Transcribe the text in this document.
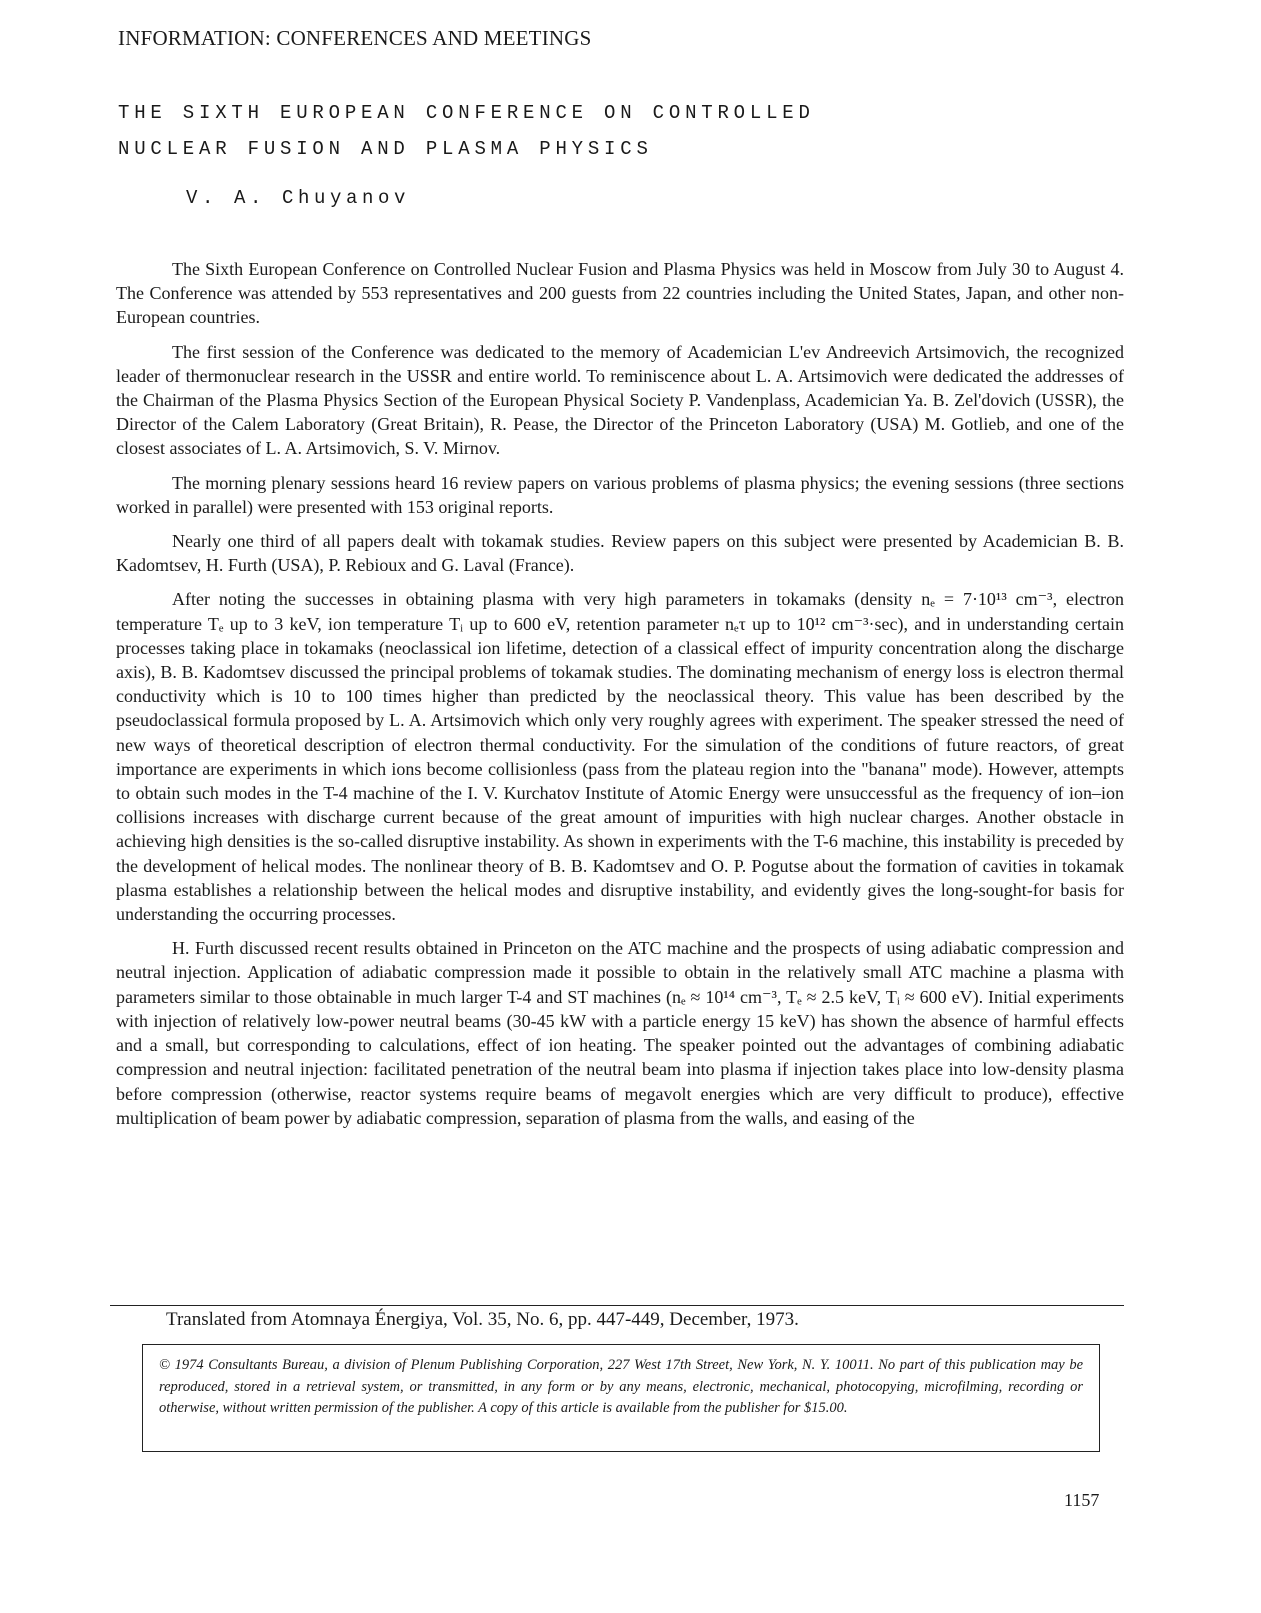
INFORMATION: CONFERENCES AND MEETINGS
THE SIXTH EUROPEAN CONFERENCE ON CONTROLLED
NUCLEAR FUSION AND PLASMA PHYSICS
V. A. Chuyanov

The Sixth European Conference on Controlled Nuclear Fusion and Plasma Physics was held in Moscow from July 30 to August 4. The Conference was attended by 553 representatives and 200 guests from 22 countries including the United States, Japan, and other non-European countries.

The first session of the Conference was dedicated to the memory of Academician L'ev Andreevich Artsimovich, the recognized leader of thermonuclear research in the USSR and entire world. To reminiscence about L. A. Artsimovich were dedicated the addresses of the Chairman of the Plasma Physics Section of the European Physical Society P. Vandenplass, Academician Ya. B. Zel'dovich (USSR), the Director of the Calem Laboratory (Great Britain), R. Pease, the Director of the Princeton Laboratory (USA) M. Gotlieb, and one of the closest associates of L. A. Artsimovich, S. V. Mirnov.

The morning plenary sessions heard 16 review papers on various problems of plasma physics; the evening sessions (three sections worked in parallel) were presented with 153 original reports.

Nearly one third of all papers dealt with tokamak studies. Review papers on this subject were presented by Academician B. B. Kadomtsev, H. Furth (USA), P. Rebioux and G. Laval (France).

After noting the successes in obtaining plasma with very high parameters in tokamaks (density nₑ = 7·10¹³ cm⁻³, electron temperature Tₑ up to 3 keV, ion temperature Tᵢ up to 600 eV, retention parameter nₑτ up to 10¹² cm⁻³·sec), and in understanding certain processes taking place in tokamaks (neoclassical ion lifetime, detection of a classical effect of impurity concentration along the discharge axis), B. B. Kadomtsev discussed the principal problems of tokamak studies. The dominating mechanism of energy loss is electron thermal conductivity which is 10 to 100 times higher than predicted by the neoclassical theory. This value has been described by the pseudoclassical formula proposed by L. A. Artsimovich which only very roughly agrees with experiment. The speaker stressed the need of new ways of theoretical description of electron thermal conductivity. For the simulation of the conditions of future reactors, of great importance are experiments in which ions become collisionless (pass from the plateau region into the "banana" mode). However, attempts to obtain such modes in the T-4 machine of the I. V. Kurchatov Institute of Atomic Energy were unsuccessful as the frequency of ion–ion collisions increases with discharge current because of the great amount of impurities with high nuclear charges. Another obstacle in achieving high densities is the so-called disruptive instability. As shown in experiments with the T-6 machine, this instability is preceded by the development of helical modes. The nonlinear theory of B. B. Kadomtsev and O. P. Pogutse about the formation of cavities in tokamak plasma establishes a relationship between the helical modes and disruptive instability, and evidently gives the long-sought-for basis for understanding the occurring processes.

H. Furth discussed recent results obtained in Princeton on the ATC machine and the prospects of using adiabatic compression and neutral injection. Application of adiabatic compression made it possible to obtain in the relatively small ATC machine a plasma with parameters similar to those obtainable in much larger T-4 and ST machines (nₑ ≈ 10¹⁴ cm⁻³, Tₑ ≈ 2.5 keV, Tᵢ ≈ 600 eV). Initial experiments with injection of relatively low-power neutral beams (30-45 kW with a particle energy 15 keV) has shown the absence of harmful effects and a small, but corresponding to calculations, effect of ion heating. The speaker pointed out the advantages of combining adiabatic compression and neutral injection: facilitated penetration of the neutral beam into plasma if injection takes place into low-density plasma before compression (otherwise, reactor systems require beams of megavolt energies which are very difficult to produce), effective multiplication of beam power by adiabatic compression, separation of plasma from the walls, and easing of the

Translated from Atomnaya Énergiya, Vol. 35, No. 6, pp. 447-449, December, 1973.
© 1974 Consultants Bureau, a division of Plenum Publishing Corporation, 227 West 17th Street, New York, N. Y. 10011. No part of this publication may be reproduced, stored in a retrieval system, or transmitted, in any form or by any means, electronic, mechanical, photocopying, microfilming, recording or otherwise, without written permission of the publisher. A copy of this article is available from the publisher for $15.00.
1157
